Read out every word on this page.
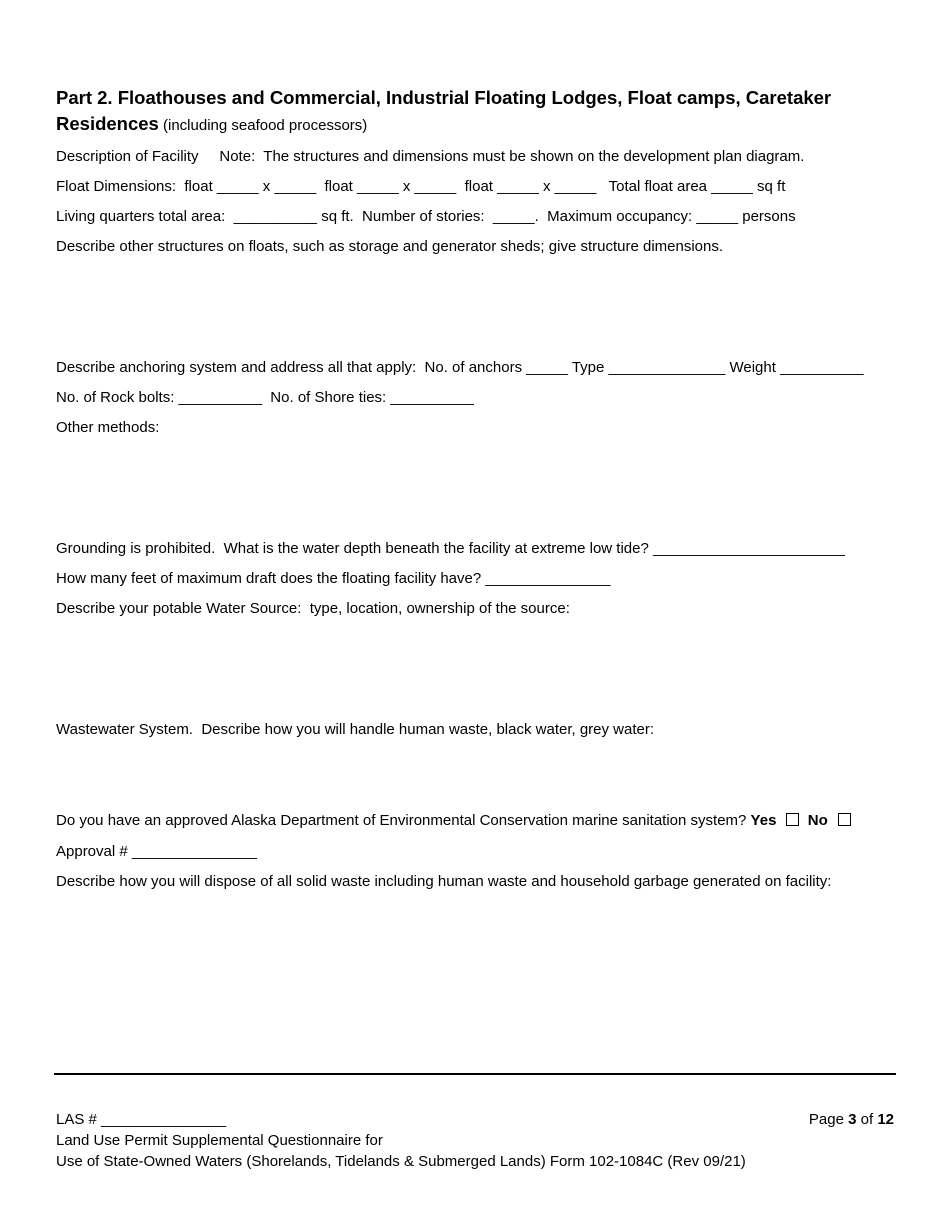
Part 2. Floathouses and Commercial, Industrial Floating Lodges, Float camps, Caretaker
Residences (including seafood processors)
Description of Facility     Note:  The structures and dimensions must be shown on the development plan diagram.
Float Dimensions:  float _____ x _____  float _____ x _____  float _____ x _____   Total float area _____ sq ft
Living quarters total area:  __________ sq ft.  Number of stories:  _____.  Maximum occupancy: _____ persons
Describe other structures on floats, such as storage and generator sheds; give structure dimensions.
Describe anchoring system and address all that apply:  No. of anchors _____ Type ______________ Weight __________
No. of Rock bolts: __________  No. of Shore ties: __________
Other methods:
Grounding is prohibited.  What is the water depth beneath the facility at extreme low tide? _______________________
How many feet of maximum draft does the floating facility have? _______________
Describe your potable Water Source:  type, location, ownership of the source:
Wastewater System.  Describe how you will handle human waste, black water, grey water:
Do you have an approved Alaska Department of Environmental Conservation marine sanitation system? Yes No
Approval # _______________
Describe how you will dispose of all solid waste including human waste and household garbage generated on facility:
LAS # _______________	Page 3 of 12
Land Use Permit Supplemental Questionnaire for
Use of State-Owned Waters (Shorelands, Tidelands & Submerged Lands) Form 102-1084C (Rev 09/21)
